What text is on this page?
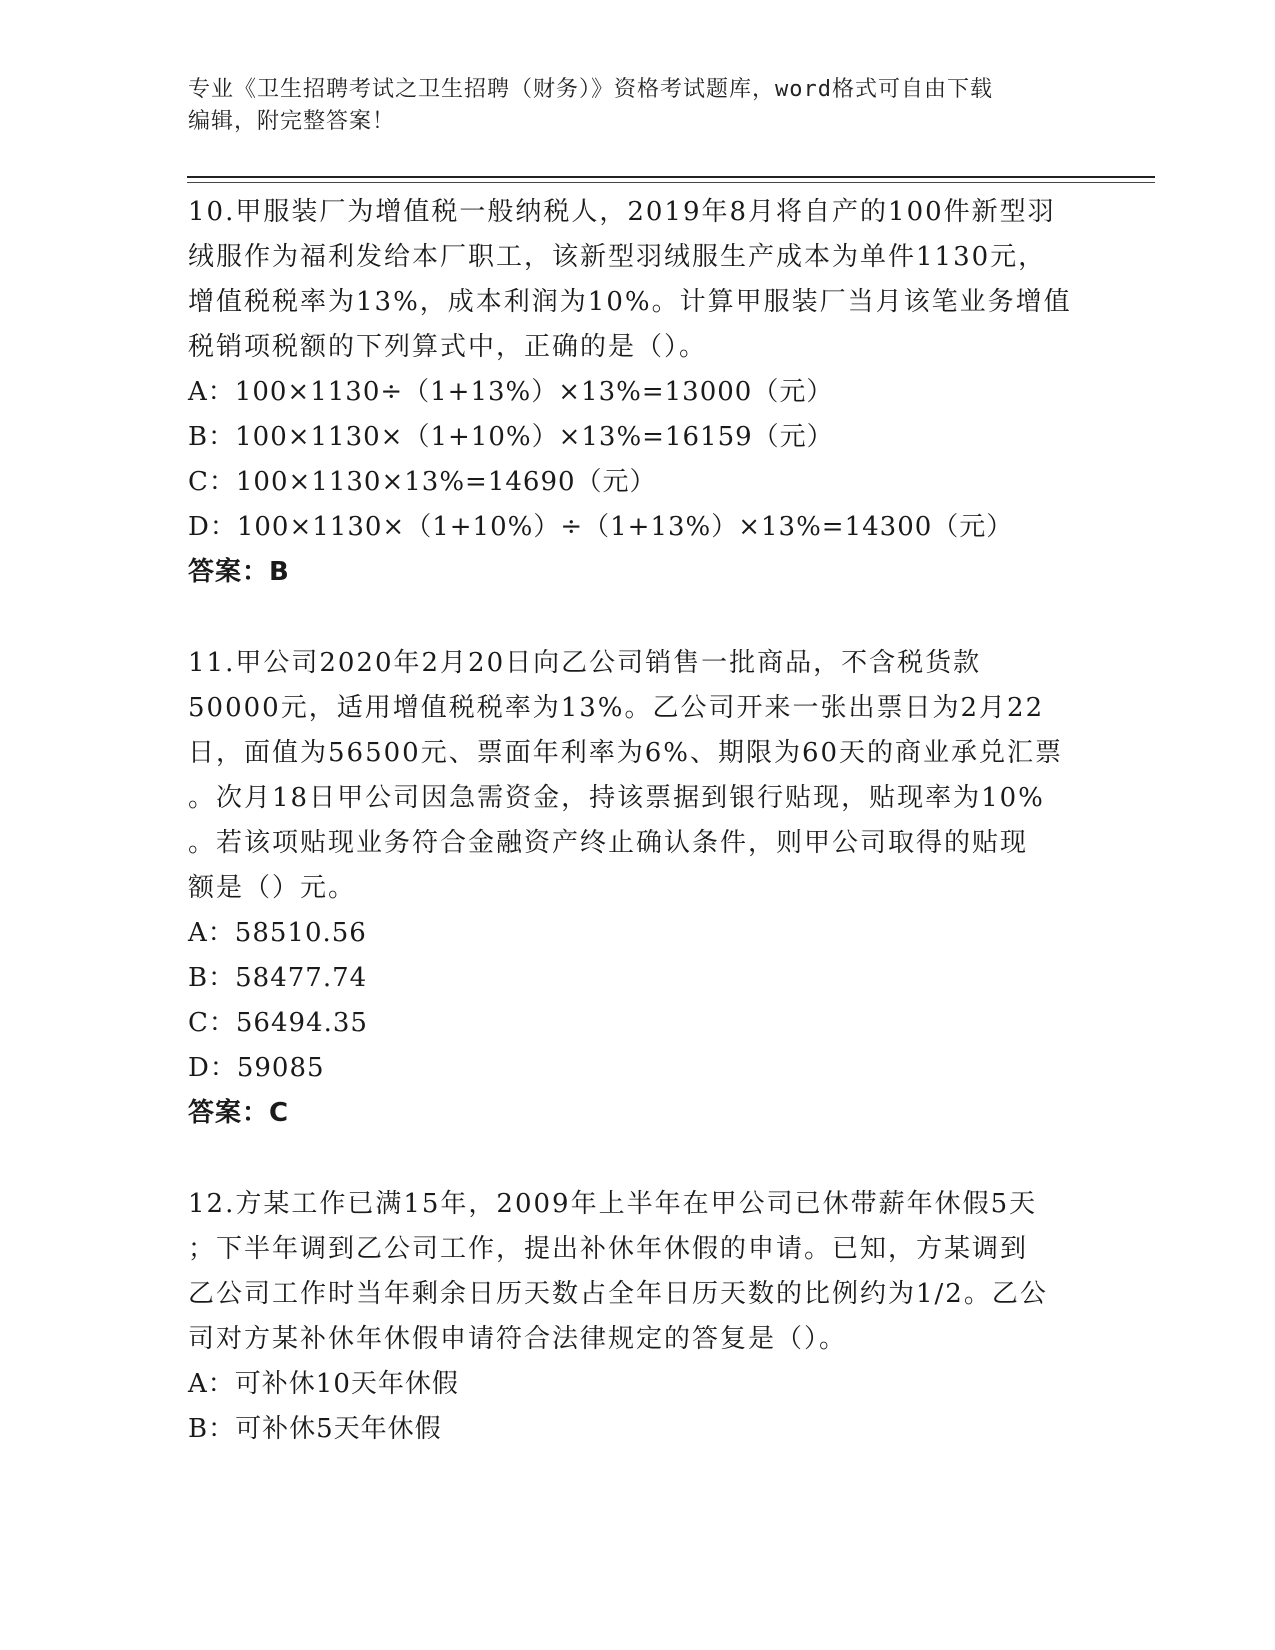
专业《卫生招聘考试之卫生招聘（财务）》资格考试题库，word格式可自由下载
编辑，附完整答案！

10.甲服装厂为增值税一般纳税人，2019年8月将自产的100件新型羽

绒服作为福利发给本厂职工，该新型羽绒服生产成本为单件1130元，

增值税税率为13%，成本利润为10%。计算甲服装厂当月该笔业务增值

税销项税额的下列算式中，正确的是（）。

A：100×1130÷（1+13%）×13%=13000（元）

B：100×1130×（1+10%）×13%=16159（元）

C：100×1130×13%=14690（元）

D：100×1130×（1+10%）÷（1+13%）×13%=14300（元）

答案：B

11.甲公司2020年2月20日向乙公司销售一批商品，不含税货款

50000元，适用增值税税率为13%。乙公司开来一张出票日为2月22

日，面值为56500元、票面年利率为6%、期限为60天的商业承兑汇票

。次月18日甲公司因急需资金，持该票据到银行贴现，贴现率为10%

。若该项贴现业务符合金融资产终止确认条件，则甲公司取得的贴现

额是（）元。

A：58510.56

B：58477.74

C：56494.35

D：59085

答案：C

12.方某工作已满15年，2009年上半年在甲公司已休带薪年休假5天

；下半年调到乙公司工作，提出补休年休假的申请。已知，方某调到

乙公司工作时当年剩余日历天数占全年日历天数的比例约为1/2。乙公

司对方某补休年休假申请符合法律规定的答复是（）。

A：可补休10天年休假

B：可补休5天年休假
